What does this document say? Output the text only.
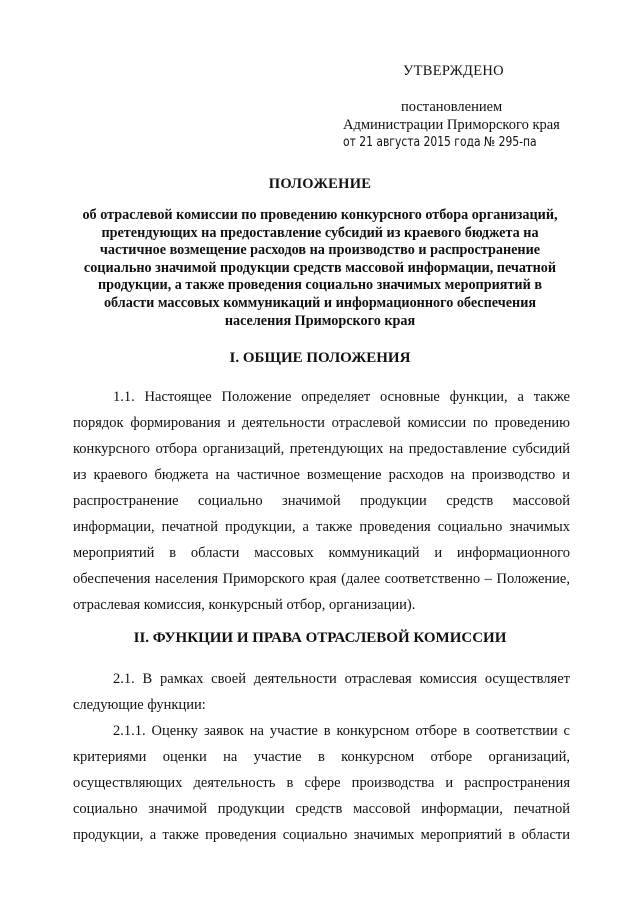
УТВЕРЖДЕНО
постановлением
Администрации Приморского края
от 21 августа 2015 года № 295-па
ПОЛОЖЕНИЕ
об отраслевой комиссии по проведению конкурсного отбора организаций,
претендующих на предоставление субсидий из краевого бюджета на
частичное возмещение расходов на производство и распространение
социально значимой продукции средств массовой информации, печатной
продукции, а также проведения социально значимых мероприятий в
области массовых коммуникаций и информационного обеспечения
населения Приморского края
I. ОБЩИЕ ПОЛОЖЕНИЯ
1.1. Настоящее Положение определяет основные функции, а также
порядок формирования и деятельности отраслевой комиссии по проведению
конкурсного отбора организаций, претендующих на предоставление субсидий
из краевого бюджета на частичное возмещение расходов на производство и
распространение социально значимой продукции средств массовой
информации, печатной продукции, а также проведения социально значимых
мероприятий в области массовых коммуникаций и информационного
обеспечения населения Приморского края (далее соответственно – Положение,
отраслевая комиссия, конкурсный отбор, организации).
II. ФУНКЦИИ И ПРАВА ОТРАСЛЕВОЙ КОМИССИИ
2.1. В рамках своей деятельности отраслевая комиссия осуществляет
следующие функции:
2.1.1. Оценку заявок на участие в конкурсном отборе в соответствии с
критериями оценки на участие в конкурсном отборе организаций,
осуществляющих деятельность в сфере производства и распространения
социально значимой продукции средств массовой информации, печатной
продукции, а также проведения социально значимых мероприятий в области
